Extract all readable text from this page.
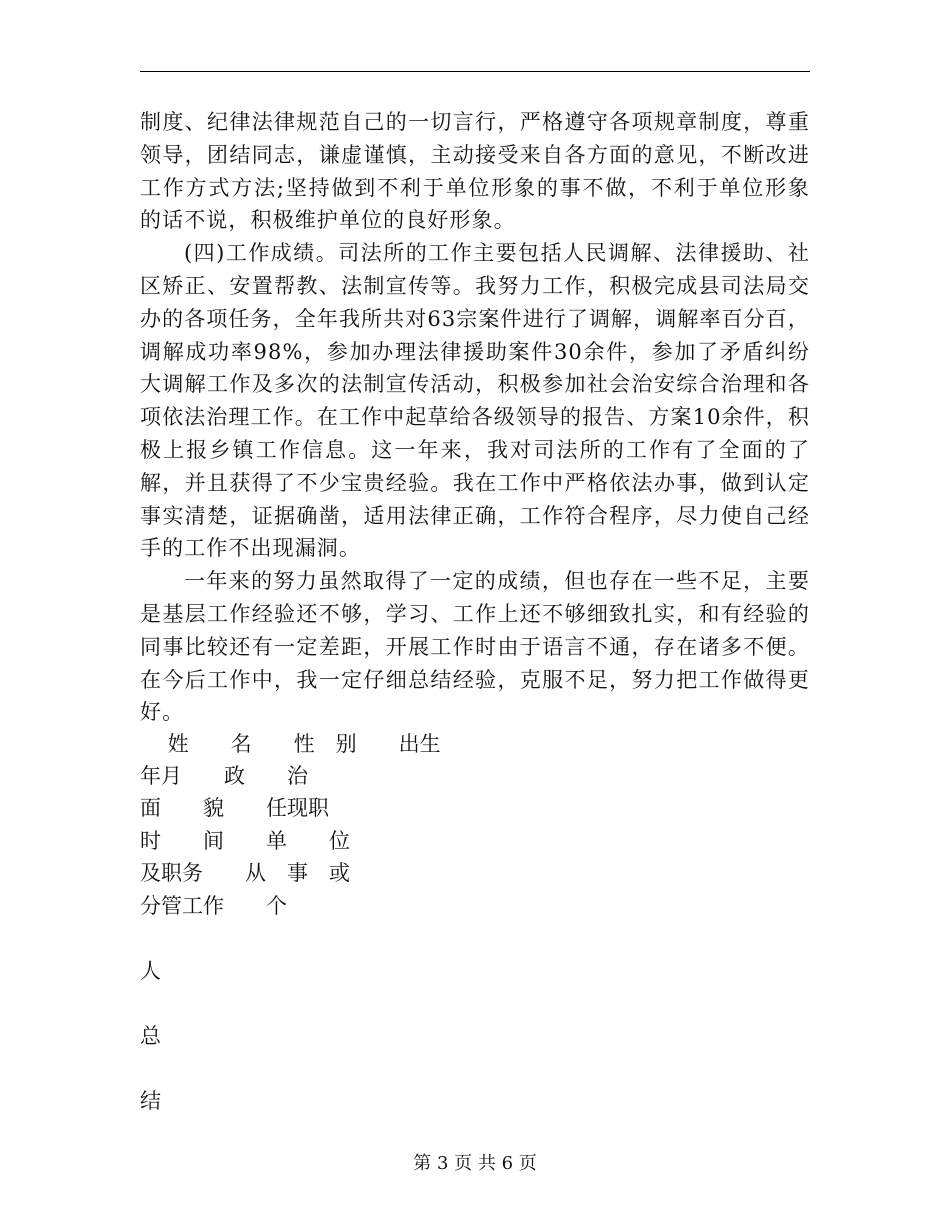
制度、纪律法律规范自己的一切言行，严格遵守各项规章制度，尊重领导，团结同志，谦虚谨慎，主动接受来自各方面的意见，不断改进工作方式方法;坚持做到不利于单位形象的事不做，不利于单位形象的话不说，积极维护单位的良好形象。

(四)工作成绩。司法所的工作主要包括人民调解、法律援助、社区矫正、安置帮教、法制宣传等。我努力工作，积极完成县司法局交办的各项任务，全年我所共对63宗案件进行了调解，调解率百分百，调解成功率98%，参加办理法律援助案件30余件，参加了矛盾纠纷大调解工作及多次的法制宣传活动，积极参加社会治安综合治理和各项依法治理工作。在工作中起草给各级领导的报告、方案10余件，积极上报乡镇工作信息。这一年来，我对司法所的工作有了全面的了解，并且获得了不少宝贵经验。我在工作中严格依法办事，做到认定事实清楚，证据确凿，适用法律正确，工作符合程序，尽力使自己经手的工作不出现漏洞。

一年来的努力虽然取得了一定的成绩，但也存在一些不足，主要是基层工作经验还不够，学习、工作上还不够细致扎实，和有经验的同事比较还有一定差距，开展工作时由于语言不通，存在诸多不便。在今后工作中，我一定仔细总结经验，克服不足，努力把工作做得更好。

　 姓　　名　　性　别　　出生
年月　　政　　治
面　　貌　　任现职
时　　间　　单　　位
及职务　　从　事　或
分管工作　　个
人
总
结
第 3 页 共 6 页
